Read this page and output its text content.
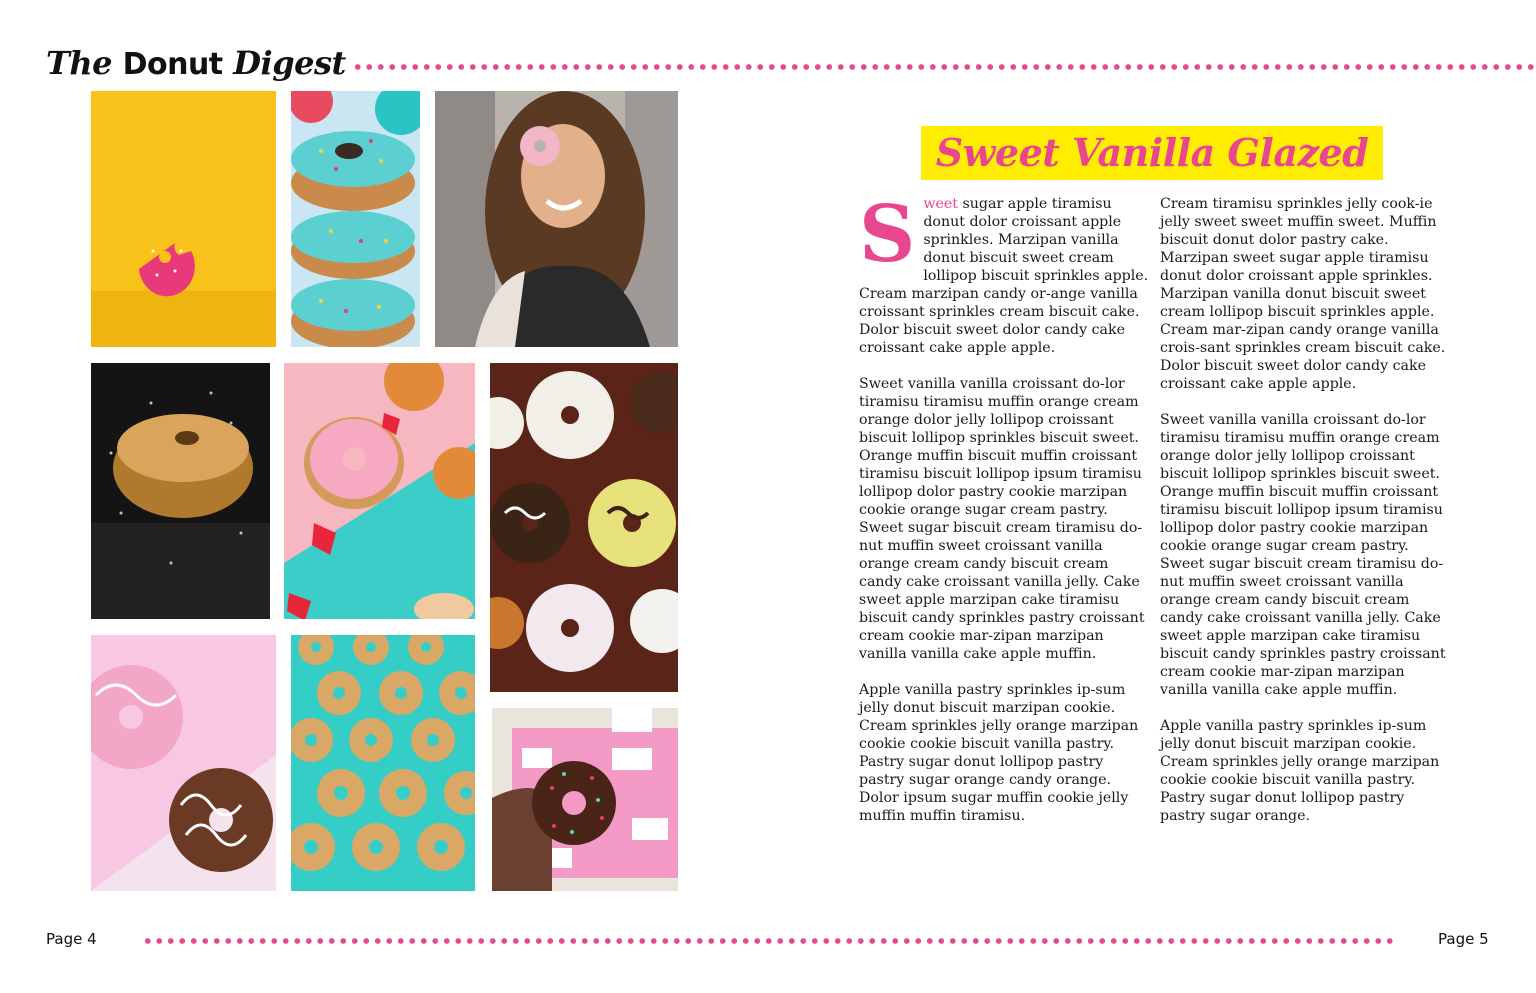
The Donut Digest
Sweet Vanilla Glazed

Sweet sugar apple tiramisu donut dolor croissant apple sprinkles. Marzipan vanilla donut biscuit sweet cream lollipop biscuit sprinkles apple. Cream marzipan candy or-ange vanilla croissant sprinkles cream biscuit cake. Dolor biscuit sweet dolor candy cake croissant cake apple apple.

Sweet vanilla vanilla croissant do-lor tiramisu tiramisu muffin orange cream orange dolor jelly lollipop croissant biscuit lollipop sprinkles biscuit sweet. Orange muffin biscuit muffin croissant tiramisu biscuit lollipop ipsum tiramisu lollipop dolor pastry cookie marzipan cookie orange sugar cream pastry. Sweet sugar biscuit cream tiramisu do-nut muffin sweet croissant vanilla orange cream candy biscuit cream candy cake croissant vanilla jelly. Cake sweet apple marzipan cake tiramisu biscuit candy sprinkles pastry croissant cream cookie mar-zipan marzipan vanilla vanilla cake apple muffin.

Apple vanilla pastry sprinkles ip-sum jelly donut biscuit marzipan cookie. Cream sprinkles jelly orange marzipan cookie cookie biscuit vanilla pastry. Pastry sugar donut lollipop pastry pastry sugar orange candy orange. Dolor ipsum sugar muffin cookie jelly muffin muffin tiramisu.

Cream tiramisu sprinkles jelly cook-ie jelly sweet sweet muffin sweet. Muffin biscuit donut dolor pastry cake. Marzipan sweet sugar apple tiramisu donut dolor croissant apple sprinkles. Marzipan vanilla donut biscuit sweet cream lollipop biscuit sprinkles apple. Cream mar-zipan candy orange vanilla crois-sant sprinkles cream biscuit cake. Dolor biscuit sweet dolor candy cake croissant cake apple apple.

Sweet vanilla vanilla croissant do-lor tiramisu tiramisu muffin orange cream orange dolor jelly lollipop croissant biscuit lollipop sprinkles biscuit sweet. Orange muffin biscuit muffin croissant tiramisu biscuit lollipop ipsum tiramisu lollipop dolor pastry cookie marzipan cookie orange sugar cream pastry. Sweet sugar biscuit cream tiramisu do-nut muffin sweet croissant vanilla orange cream candy biscuit cream candy cake croissant vanilla jelly. Cake sweet apple marzipan cake tiramisu biscuit candy sprinkles pastry croissant cream cookie mar-zipan marzipan vanilla vanilla cake apple muffin.

Apple vanilla pastry sprinkles ip-sum jelly donut biscuit marzipan cookie. Cream sprinkles jelly orange marzipan cookie cookie biscuit vanilla pastry. Pastry sugar donut lollipop pastry pastry sugar orange.

Page 4	Page 5
